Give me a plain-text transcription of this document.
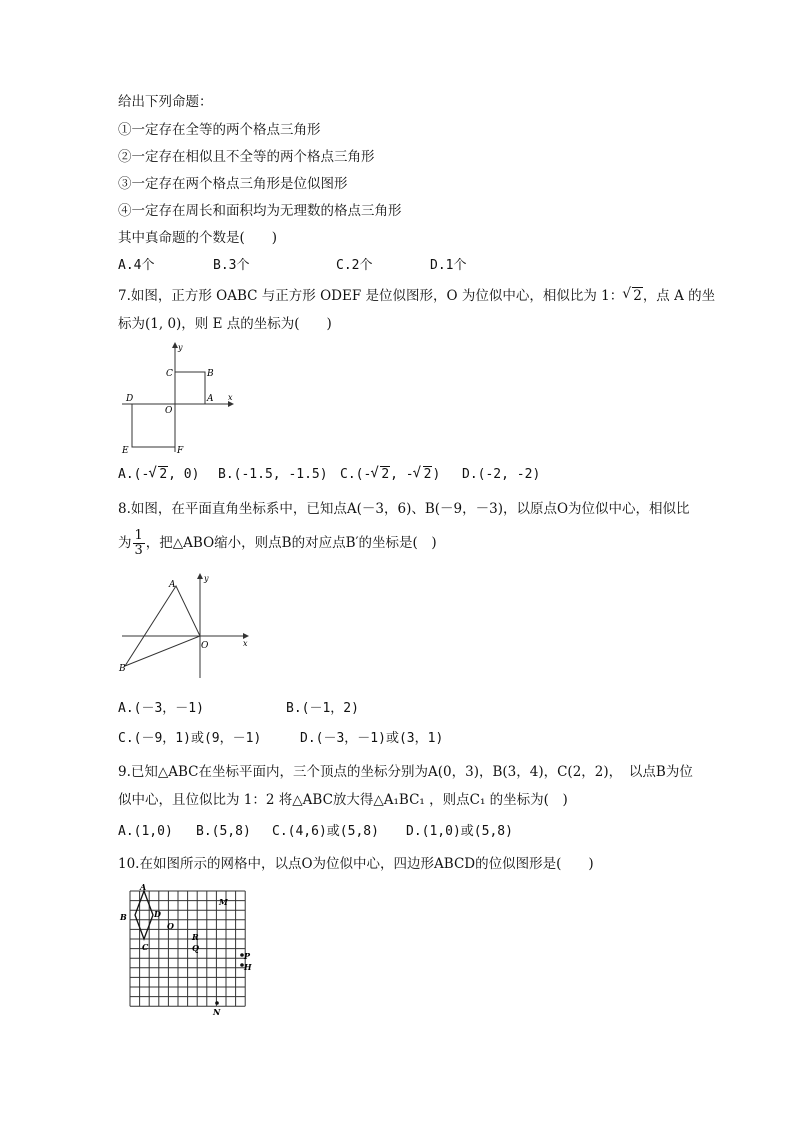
给出下列命题：
①一定存在全等的两个格点三角形
②一定存在相似且不全等的两个格点三角形
③一定存在两个格点三角形是位似图形
④一定存在周长和面积均为无理数的格点三角形
其中真命题的个数是(　　)
A.4个	B.3个	C.2个	D.1个
7.如图，正方形 OABC 与正方形 ODEF 是位似图形，O 为位似中心，相似比为 1： √ 2，点 A 的坐
标为(1, 0)，则 E 点的坐标为(　　)
y
x
C	B
D
O
A
E	F
A.(- √ 2, 0) B.(-1.5, -1.5) C.(- √ 2, - √ 2) D.(-2, -2)
8.如图，在平面直角坐标系中，已知点A(－3，6)、B(－9，－3)，以原点O为位似中心，相似比
为 $\frac{1}{3}$ ，把△ABO缩小，则点B的对应点B′的坐标是(　)
y
x
A
B
O
A.(－3，－1)	B.(－1，2)
C.(－9，1)或(9，－1)	D.(－3，－1)或(3，1)
9.已知△ABC在坐标平面内，三个顶点的坐标分别为A(0，3)，B(3，4)，C(2，2)，　以点B为位
似中心，且位似比为 1：2 将△ABC放大得△A₁BC₁ ，则点C₁ 的坐标为(　)
A.(1,0) B.(5,8) C.(4,6)或(5,8) D.(1,0)或(5,8)
10.在如图所示的网格中，以点O为位似中心，四边形ABCD的位似图形是(　　)
A
B
C
D
O
M
R
Q
P
H
N
